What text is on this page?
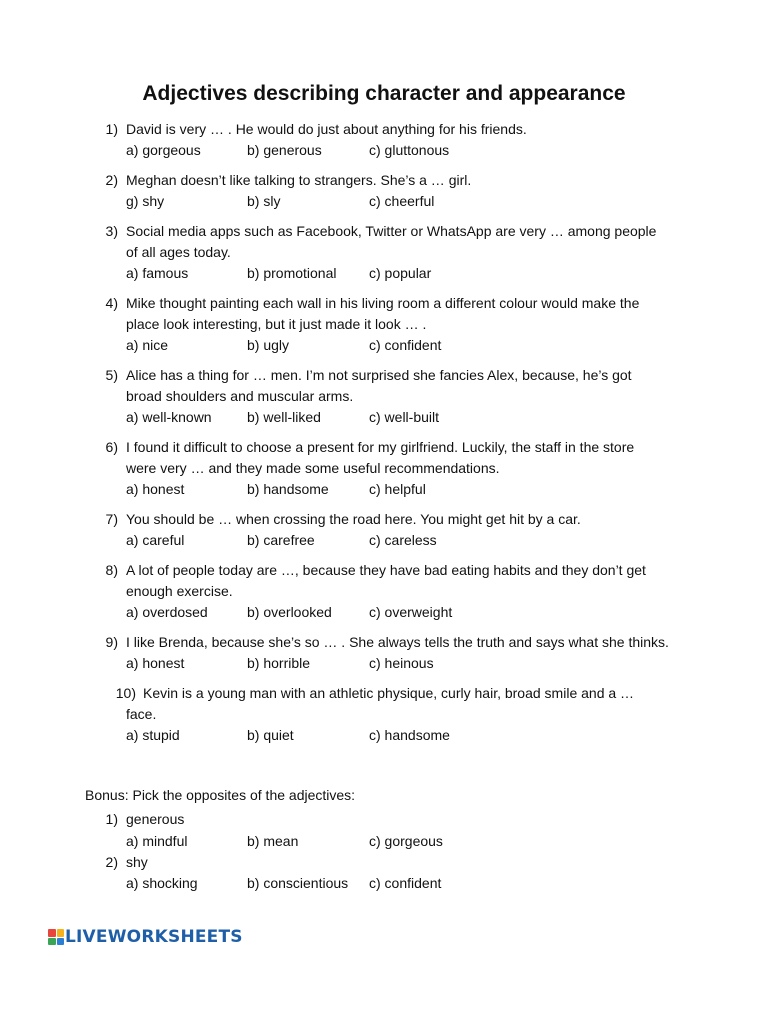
Adjectives describing character and appearance
1) David is very … . He would do just about anything for his friends.
a) gorgeous	b) generous	c) gluttonous
2) Meghan doesn’t like talking to strangers. She’s a … girl.
g) shy	b) sly	c) cheerful
3) Social media apps such as Facebook, Twitter or WhatsApp are very … among people
of all ages today.
a) famous	b) promotional c) popular
4) Mike thought painting each wall in his living room a different colour would make the
place look interesting, but it just made it look … .
a) nice	b) ugly	c) confident
5) Alice has a thing for … men. I’m not surprised she fancies Alex, because, he’s got
broad shoulders and muscular arms.
a) well-known	b) well-liked	c) well-built
6) I found it difficult to choose a present for my girlfriend. Luckily, the staff in the store
were very … and they made some useful recommendations.
a) honest	b) handsome	c) helpful
7) You should be … when crossing the road here. You might get hit by a car.
a) careful	b) carefree	c) careless
8) A lot of people today are …, because they have bad eating habits and they don’t get
enough exercise.
a) overdosed	b) overlooked	c) overweight
9) I like Brenda, because she’s so … . She always tells the truth and says what she thinks.
a) honest	b) horrible	c) heinous
10) Kevin is a young man with an athletic physique, curly hair, broad smile and a …
face.
a) stupid	b) quiet	c) handsome
Bonus: Pick the opposites of the adjectives:
1) generous
a) mindful	b) mean	c) gorgeous
2) shy
a) shocking	b) conscientious c) confident
LIVEWORKSHEETS
